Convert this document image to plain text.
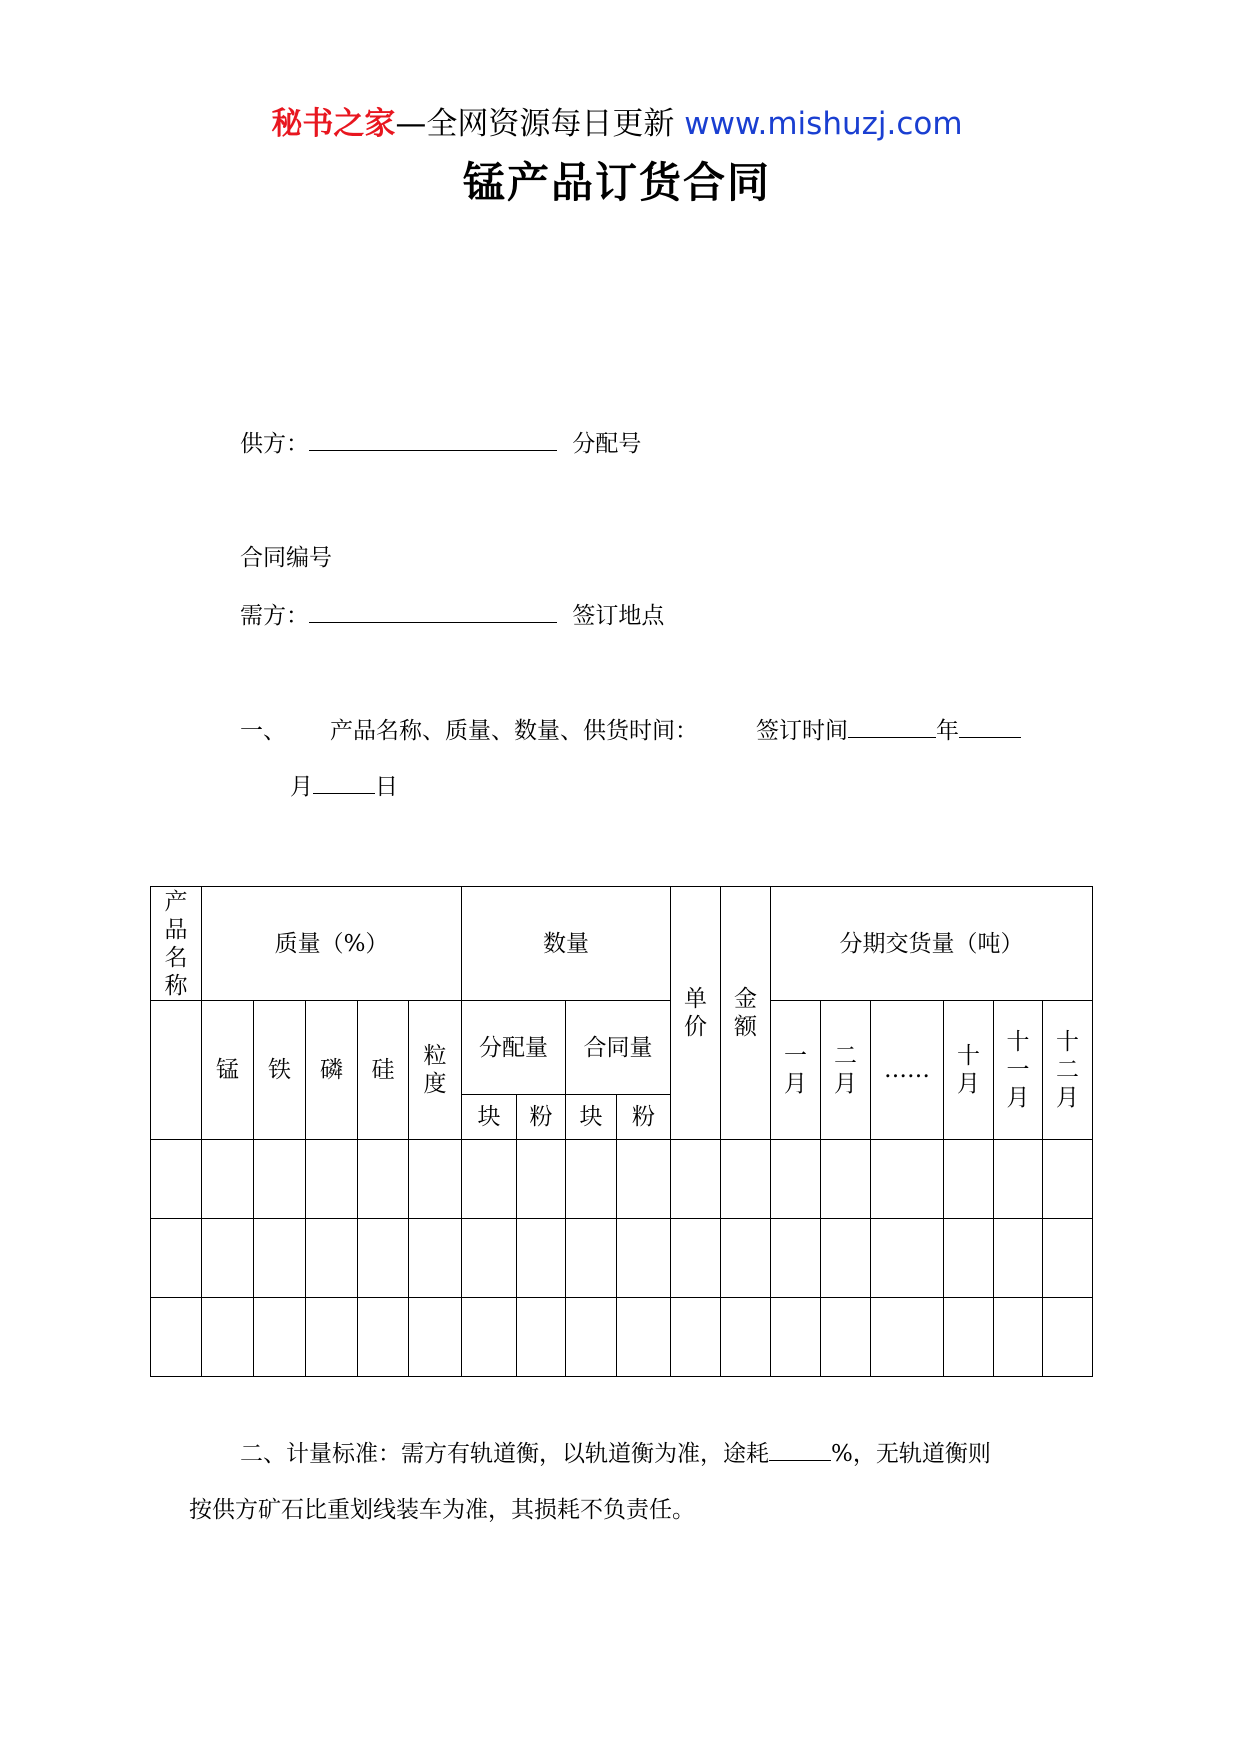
秘书之家—全网资源每日更新 www.mishuzj.com
锰产品订货合同
供方：	分配号
合同编号
需方：	签订地点
一、 产品名称、质量、数量、供货时间：	签订时间	年
月	日
产品名称	质量（%）					数量				单价	金额	分期交货量（吨）					
	锰	铁	磷	硅	粒度	分配量		合同量				一月	二月	……	十月	十一月	十二月
						块	粉	块	粉								

二、计量标准：需方有轨道衡，以轨道衡为准，途耗	%，无轨道衡则
按供方矿石比重划线装车为准，其损耗不负责任。
